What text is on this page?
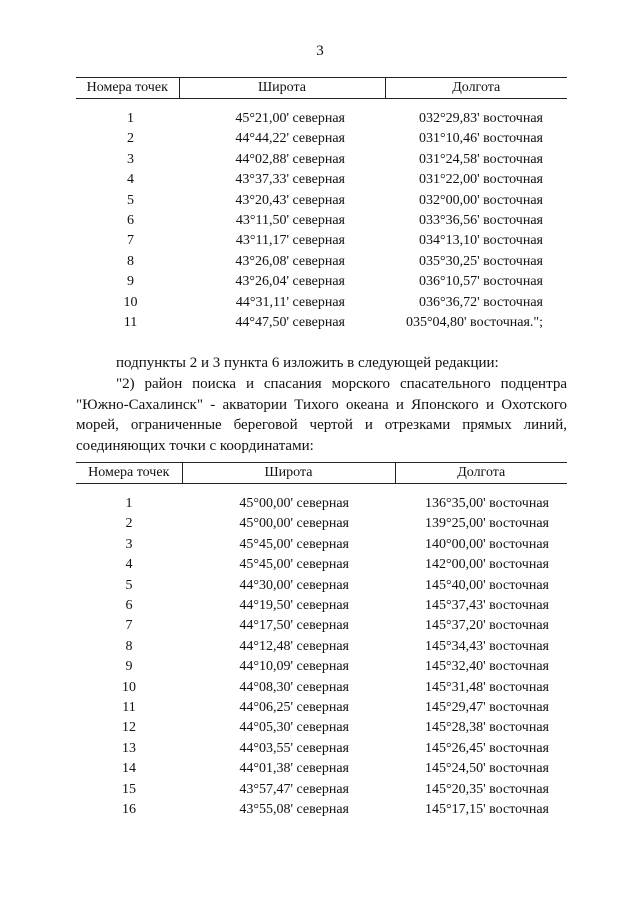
3
Номера точек	Широта	Долгота

1	45°21,00' северная	032°29,83' восточная
2	44°44,22' северная	031°10,46' восточная
3	44°02,88' северная	031°24,58' восточная
4	43°37,33' северная	031°22,00' восточная
5	43°20,43' северная	032°00,00' восточная
6	43°11,50' северная	033°36,56' восточная
7	43°11,17' северная	034°13,10' восточная
8	43°26,08' северная	035°30,25' восточная
9	43°26,04' северная	036°10,57' восточная
10	44°31,11' северная	036°36,72' восточная
11	44°47,50' северная	035°04,80' восточная.";

подпункты 2 и 3 пункта 6 изложить в следующей редакции:

"2) район поиска и спасания морского спасательного подцентра "Южно-Сахалинск" - акватории Тихого океана и Японского и Охотского морей, ограниченные береговой чертой и отрезками прямых линий, соединяющих точки с координатами:

Номера точек	Широта	Долгота

1	45°00,00' северная	136°35,00' восточная
2	45°00,00' северная	139°25,00' восточная
3	45°45,00' северная	140°00,00' восточная
4	45°45,00' северная	142°00,00' восточная
5	44°30,00' северная	145°40,00' восточная
6	44°19,50' северная	145°37,43' восточная
7	44°17,50' северная	145°37,20' восточная
8	44°12,48' северная	145°34,43' восточная
9	44°10,09' северная	145°32,40' восточная
10	44°08,30' северная	145°31,48' восточная
11	44°06,25' северная	145°29,47' восточная
12	44°05,30' северная	145°28,38' восточная
13	44°03,55' северная	145°26,45' восточная
14	44°01,38' северная	145°24,50' восточная
15	43°57,47' северная	145°20,35' восточная
16	43°55,08' северная	145°17,15' восточная
